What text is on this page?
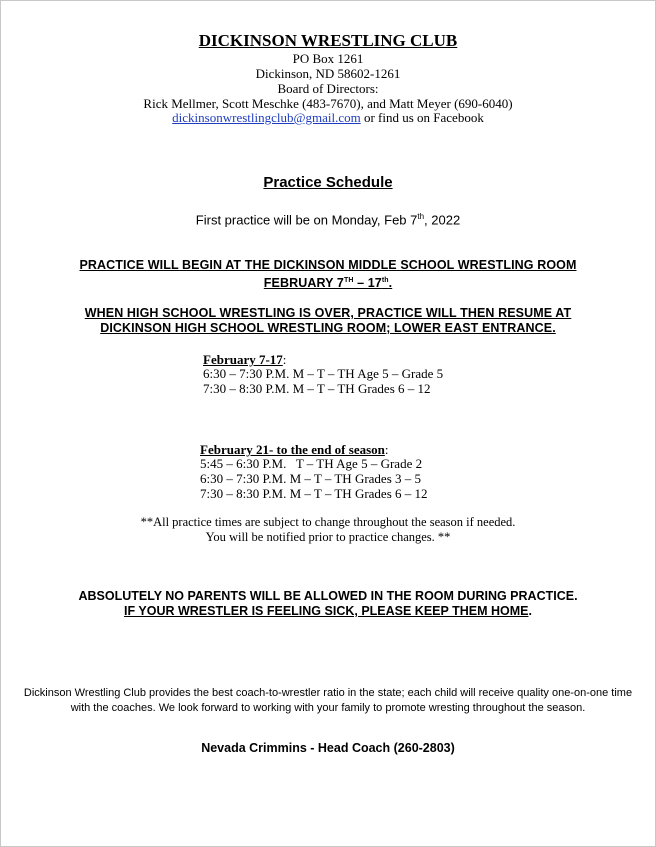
DICKINSON WRESTLING CLUB
PO Box 1261
Dickinson, ND 58602-1261
Board of Directors:
Rick Mellmer, Scott Meschke (483-7670), and Matt Meyer (690-6040)
dickinsonwrestlingclub@gmail.com or find us on Facebook
Practice Schedule
First practice will be on Monday, Feb 7th, 2022
PRACTICE WILL BEGIN AT THE DICKINSON MIDDLE SCHOOL WRESTLING ROOM
FEBRUARY 7TH – 17th.
WHEN HIGH SCHOOL WRESTLING IS OVER, PRACTICE WILL THEN RESUME AT
DICKINSON HIGH SCHOOL WRESTLING ROOM; LOWER EAST ENTRANCE.
February 7-17:
6:30 – 7:30 P.M. M – T – TH Age 5 – Grade 5
7:30 – 8:30 P.M. M – T – TH Grades 6 – 12
February 21- to the end of season:
5:45 – 6:30 P.M.   T – TH Age 5 – Grade 2
6:30 – 7:30 P.M. M – T – TH Grades 3 – 5
7:30 – 8:30 P.M. M – T – TH Grades 6 – 12
**All practice times are subject to change throughout the season if needed.
You will be notified prior to practice changes. **
ABSOLUTELY NO PARENTS WILL BE ALLOWED IN THE ROOM DURING PRACTICE.
IF YOUR WRESTLER IS FEELING SICK, PLEASE KEEP THEM HOME.
Dickinson Wrestling Club provides the best coach-to-wrestler ratio in the state; each child will receive quality one-on-one time with the coaches. We look forward to working with your family to promote wresting throughout the season.
Nevada Crimmins - Head Coach (260-2803)
